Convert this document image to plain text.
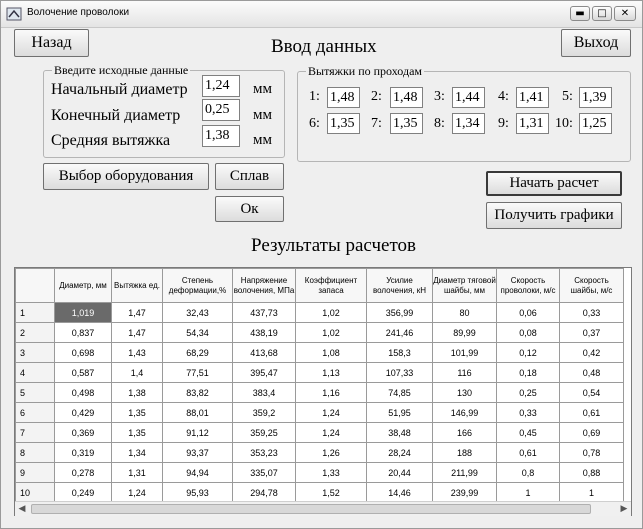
Волочение проволоки	▬	□	✕
Назад	Выход
Ввод данных
Введите исходные данные
Начальный диаметр 1,24	мм
Конечный диаметр 0,25	мм
Средняя вытяжка 1,38	мм
Вытяжки по проходам
1: 1,48	2: 1,48	3: 1,44	4: 1,41	5: 1,39
6: 1,35	7: 1,35	8: 1,34	9: 1,31 10: 1,25
Выбор оборудования	Сплав
Ок
Начать расчет
Получить графики
Результаты расчетов
	Диаметр, мм	Вытяжка ед.	Степень деформации,%	Напряжение волочения, МПа	Коэффициент запаса	Усилие волочения, кН	Диаметр тяговой шайбы, мм	Скорость проволоки, м/с	Скорость шайбы, м/с
1	1,019	1,47	32,43	437,73	1,02	356,99	80	0,06	0,33
2	0,837	1,47	54,34	438,19	1,02	241,46	89,99	0,08	0,37
3	0,698	1,43	68,29	413,68	1,08	158,3	101,99	0,12	0,42
4	0,587	1,4	77,51	395,47	1,13	107,33	116	0,18	0,48
5	0,498	1,38	83,82	383,4	1,16	74,85	130	0,25	0,54
6	0,429	1,35	88,01	359,2	1,24	51,95	146,99	0,33	0,61
7	0,369	1,35	91,12	359,25	1,24	38,48	166	0,45	0,69
8	0,319	1,34	93,37	353,23	1,26	28,24	188	0,61	0,78
9	0,278	1,31	94,94	335,07	1,33	20,44	211,99	0,8	0,88
10	0,249	1,24	95,93	294,78	1,52	14,46	239,99	1	1
◀	▶
